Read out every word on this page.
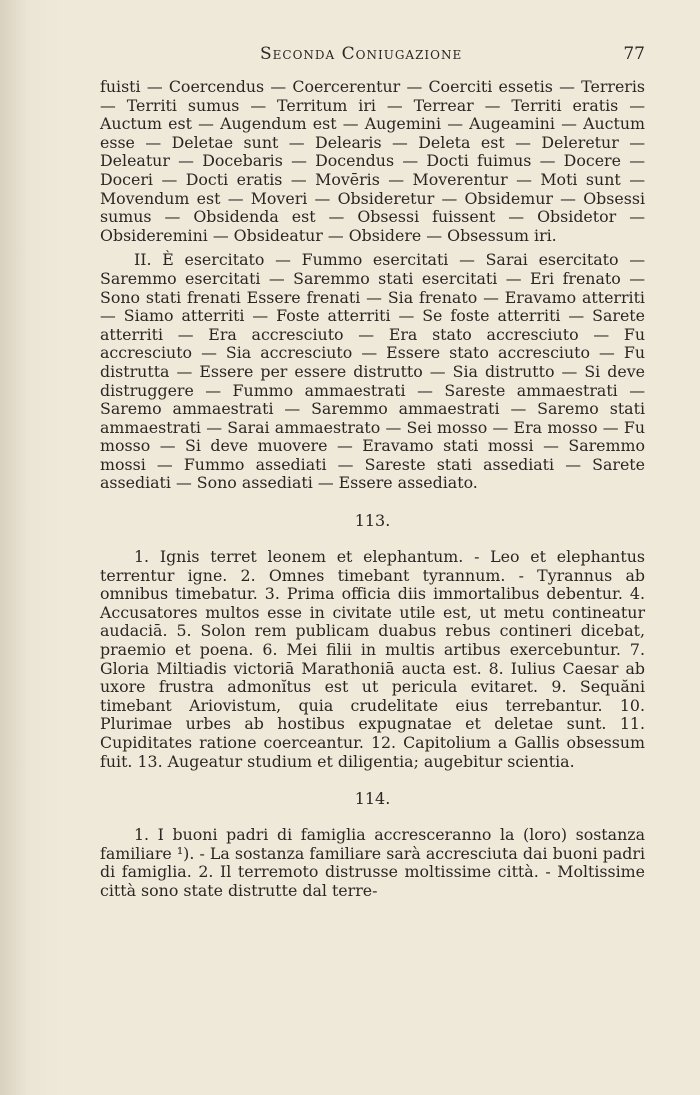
Seconda Coniugazione	77

fuisti — Coercendus — Coercerentur — Coerciti essetis — Terreris — Territi sumus — Territum iri — Terrear — Territi eratis — Auctum est — Augendum est — Augemini — Augeamini — Auctum esse — Deletae sunt — Delearis — Deleta est — Deleretur — Deleatur — Docebaris — Docendus — Docti fuimus — Docere — Doceri — Docti eratis — Movēris — Moverentur — Moti sunt — Movendum est — Moveri — Obsideretur — Obsidemur — Obsessi sumus — Obsidenda est — Obsessi fuissent — Obsidetor — Obsideremini — Obsideatur — Obsidere — Obsessum iri.

II. È esercitato — Fummo esercitati — Sarai esercitato — Saremmo esercitati — Saremmo stati esercitati — Eri frenato — Sono stati frenati Essere frenati — Sia frenato — Eravamo atterriti — Siamo atterriti — Foste atterriti — Se foste atterriti — Sarete atterriti — Era accresciuto — Era stato accresciuto — Fu accresciuto — Sia accresciuto — Essere stato accresciuto — Fu distrutta — Essere per essere distrutto — Sia distrutto — Si deve distruggere — Fummo ammaestrati — Sareste ammaestrati — Saremo ammaestrati — Saremmo ammaestrati — Saremo stati ammaestrati — Sarai ammaestrato — Sei mosso — Era mosso — Fu mosso — Si deve muovere — Eravamo stati mossi — Saremmo mossi — Fummo assediati — Sareste stati assediati — Sarete assediati — Sono assediati — Essere assediato.

113.

1. Ignis terret leonem et elephantum. - Leo et elephantus terrentur igne. 2. Omnes timebant tyrannum. - Tyrannus ab omnibus timebatur. 3. Prima officia diis immortalibus debentur. 4. Accusatores multos esse in civitate utile est, ut metu contineatur audaciā. 5. Solon rem publicam duabus rebus contineri dicebat, praemio et poena. 6. Mei filii in multis artibus exercebuntur. 7. Gloria Miltiadis victoriā Marathoniā aucta est. 8. Iulius Caesar ab uxore frustra admonĭtus est ut pericula evitaret. 9. Sequăni timebant Ariovistum, quia crudelitate eius terrebantur. 10. Plurimae urbes ab hostibus expugnatae et deletae sunt. 11. Cupiditates ratione coerceantur. 12. Capitolium a Gallis obsessum fuit. 13. Augeatur studium et diligentia; augebitur scientia.

114.

1. I buoni padri di famiglia accresceranno la (loro) sostanza familiare ¹). - La sostanza familiare sarà accresciuta dai buoni padri di famiglia. 2. Il terremoto distrusse moltissime città. - Moltissime città sono state distrutte dal terre-
